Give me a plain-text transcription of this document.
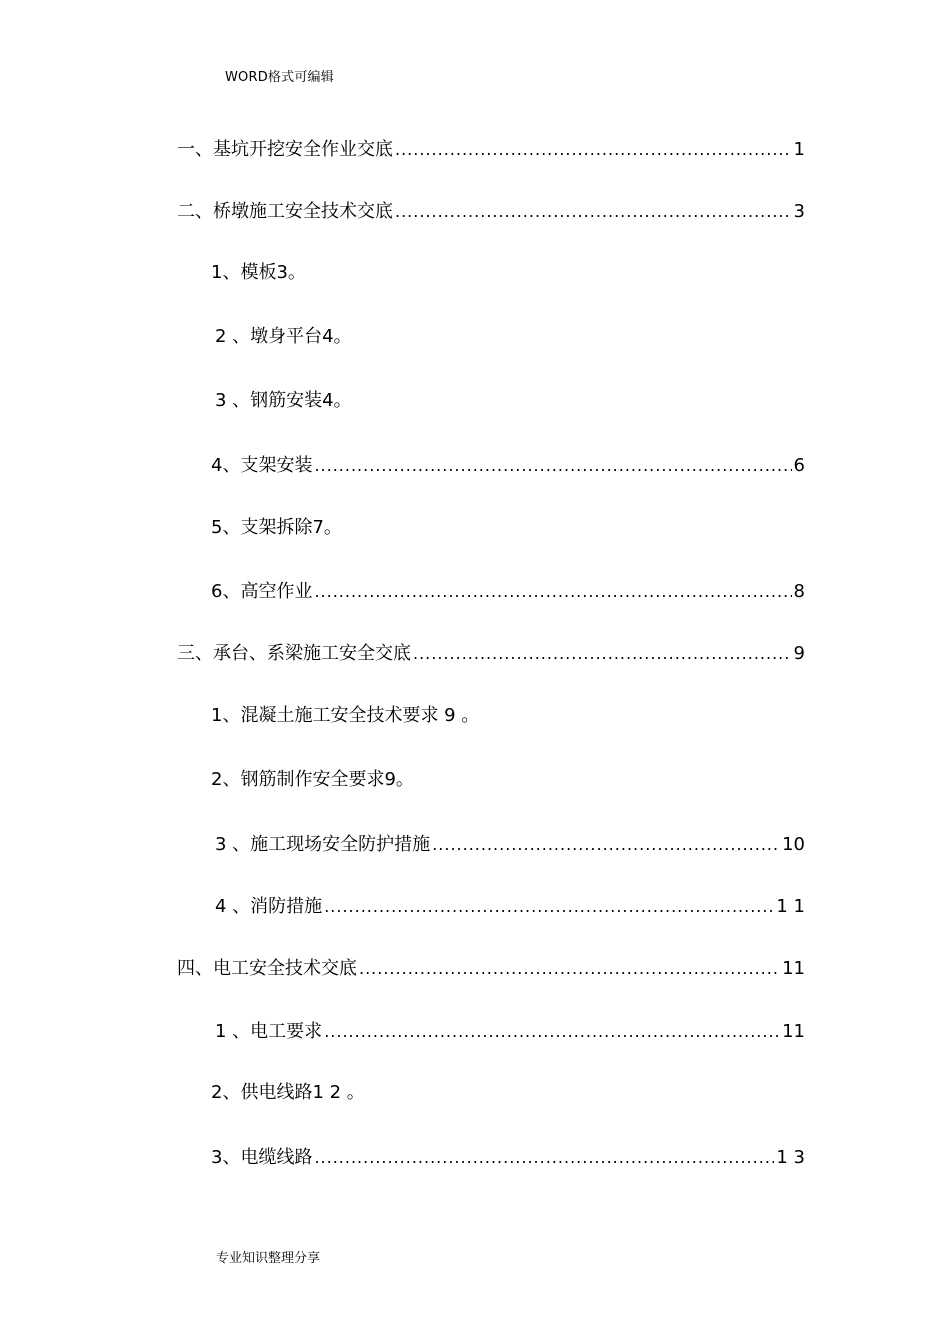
WORD格式可编辑
一、基坑开挖安全作业交底 .....	1
二、桥墩施工安全技术交底 .....	3
1、模板3。
2 、墩身平台4。
3 、钢筋安装4。
4、支架安装 .....	6
5、支架拆除7。
6、高空作业 .....	8
三、承台、系梁施工安全交底 .....	9
1、混凝土施工安全技术要求 9 。
2、钢筋制作安全要求9。
3 、施工现场安全防护措施 .....	10
4 、消防措施 .....	1 1
四、电工安全技术交底 .....	11
1 、电工要求 .....	11
2、供电线路1 2 。
3、电缆线路 .....	1 3
专业知识整理分享
